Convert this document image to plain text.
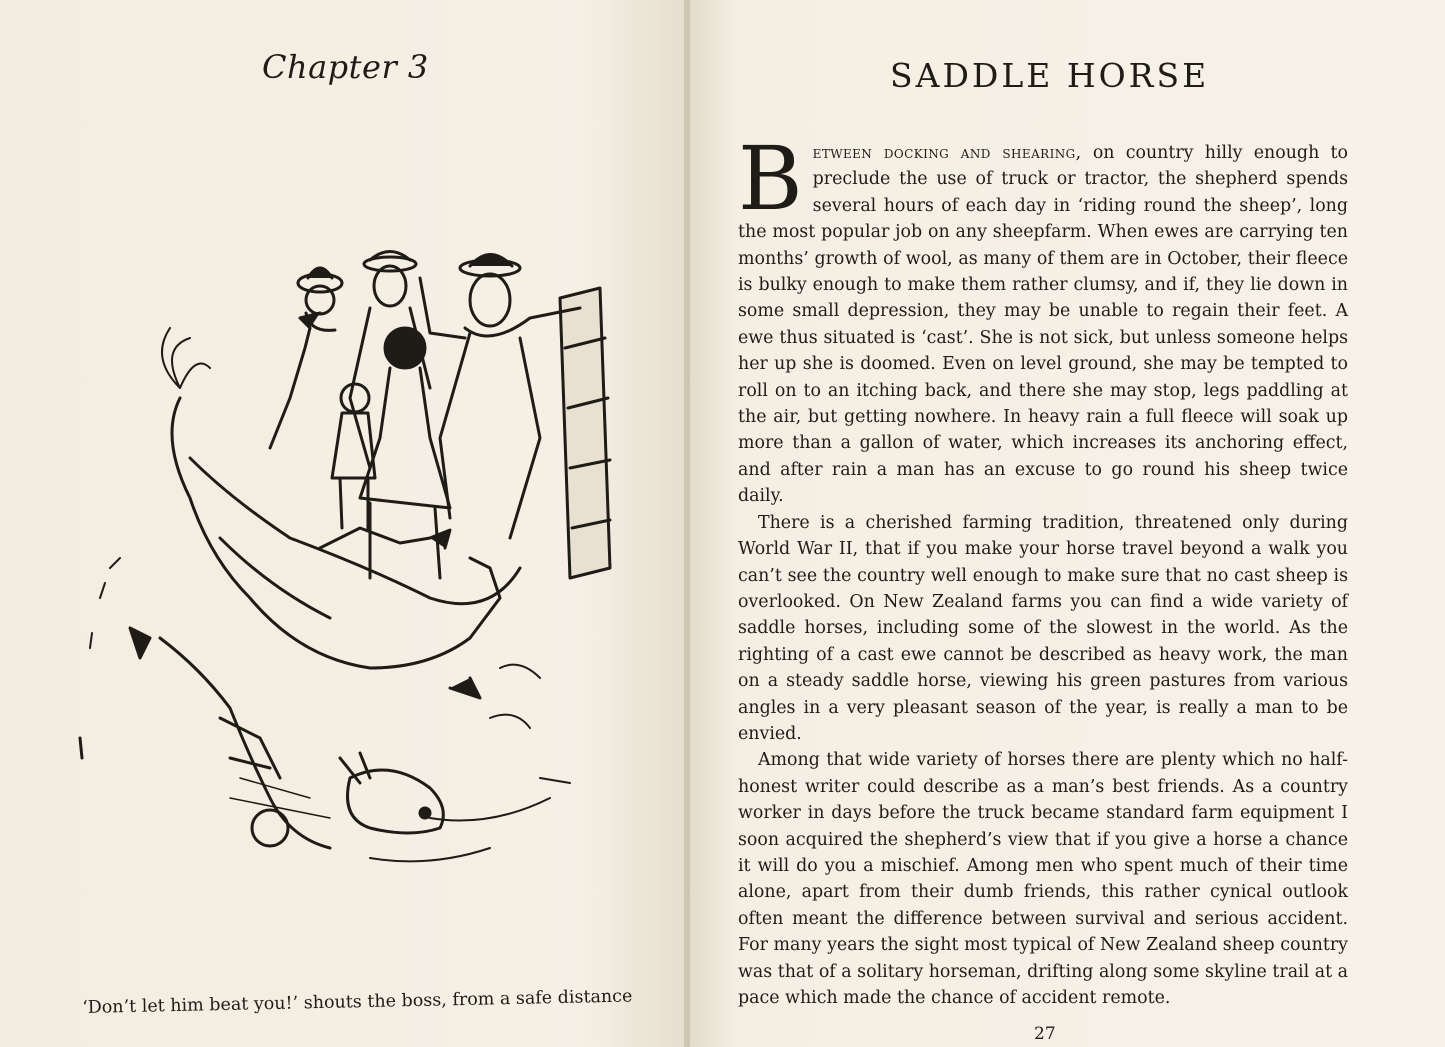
Chapter 3
‘Don’t let him beat you!’ shouts the boss, from a safe distance
SADDLE HORSE

Between docking and shearing, on country hilly enough to preclude the use of truck or tractor, the shepherd spends several hours of each day in ‘riding round the sheep’, long the most popular job on any sheepfarm. When ewes are carrying ten months’ growth of wool, as many of them are in October, their fleece is bulky enough to make them rather clumsy, and if, they lie down in some small depression, they may be unable to regain their feet. A ewe thus situated is ‘cast’. She is not sick, but unless someone helps her up she is doomed. Even on level ground, she may be tempted to roll on to an itching back, and there she may stop, legs paddling at the air, but getting nowhere. In heavy rain a full fleece will soak up more than a gallon of water, which increases its anchoring effect, and after rain a man has an excuse to go round his sheep twice daily.

There is a cherished farming tradition, threatened only during World War II, that if you make your horse travel beyond a walk you can’t see the country well enough to make sure that no cast sheep is overlooked. On New Zealand farms you can find a wide variety of saddle horses, including some of the slowest in the world. As the righting of a cast ewe cannot be described as heavy work, the man on a steady saddle horse, viewing his green pastures from various angles in a very pleasant season of the year, is really a man to be envied.

Among that wide variety of horses there are plenty which no half-honest writer could describe as a man’s best friends. As a country worker in days before the truck became standard farm equipment I soon acquired the shepherd’s view that if you give a horse a chance it will do you a mischief. Among men who spent much of their time alone, apart from their dumb friends, this rather cynical outlook often meant the difference between survival and serious accident. For many years the sight most typical of New Zealand sheep country was that of a solitary horseman, drifting along some skyline trail at a pace which made the chance of accident remote.

27
